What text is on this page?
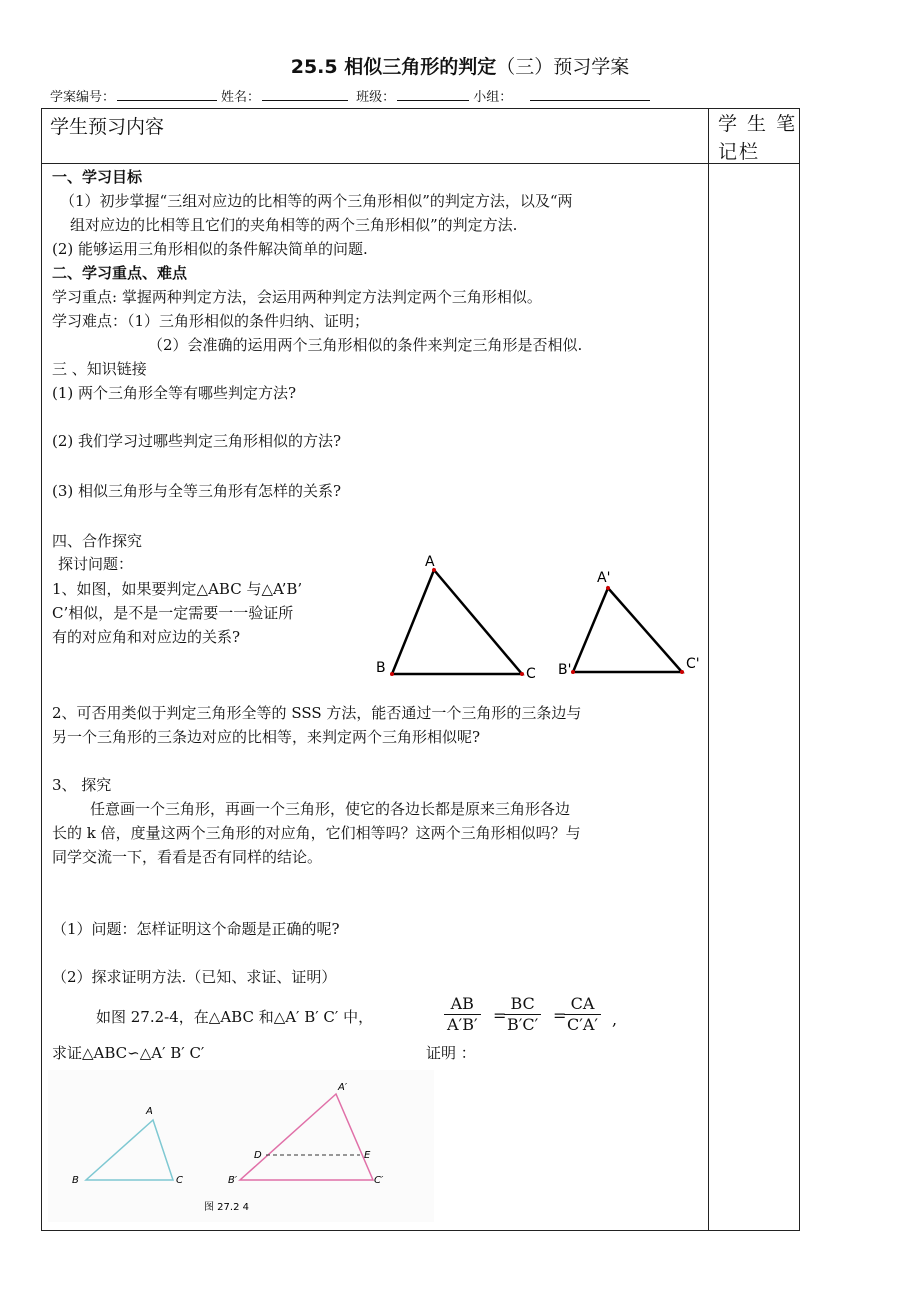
25.5 相似三角形的判定（三）预习学案
学案编号：	姓名：	班级：	小组：
学生预习内容	学 生 笔 记栏
一、学习目标
（1）初步掌握“三组对应边的比相等的两个三角形相似”的判定方法，以及“两
组对应边的比相等且它们的夹角相等的两个三角形相似”的判定方法.
(2) 能够运用三角形相似的条件解决简单的问题.
二、学习重点、难点
学习重点: 掌握两种判定方法，会运用两种判定方法判定两个三角形相似。
学习难点：（1）三角形相似的条件归纳、证明；
（2）会准确的运用两个三角形相似的条件来判定三角形是否相似.
三 、知识链接
(1) 两个三角形全等有哪些判定方法?
(2) 我们学习过哪些判定三角形相似的方法?
(3) 相似三角形与全等三角形有怎样的关系?
四、合作探究
探讨问题：
1、如图，如果要判定△ABC 与△A’B’
C’相似，是不是一定需要一一验证所
有的对应角和对应边的关系?
A
B	C
A'
B'	C'
2、可否用类似于判定三角形全等的 SSS 方法，能否通过一个三角形的三条边与
另一个三角形的三条边对应的比相等，来判定两个三角形相似呢?
3、 探究
任意画一个三角形，再画一个三角形，使它的各边长都是原来三角形各边
长的 k 倍，度量这两个三角形的对应角，它们相等吗？这两个三角形相似吗？与
同学交流一下，看看是否有同样的结论。
（1）问题：怎样证明这个命题是正确的呢?
（2）探求证明方法.（已知、求证、证明）
如图 27.2-4，在△ABC 和△A′ B′ C′ 中，	$\frac{AB}{A'B'}$ =
$\frac{BC}{B'C'}$ =
$\frac{CA}{C'A'}$ ,
求证△ABC∽△A′ B′ C′	证明 ：
A
B	C
A′
B′	C′
D	E
图 27.2 4
